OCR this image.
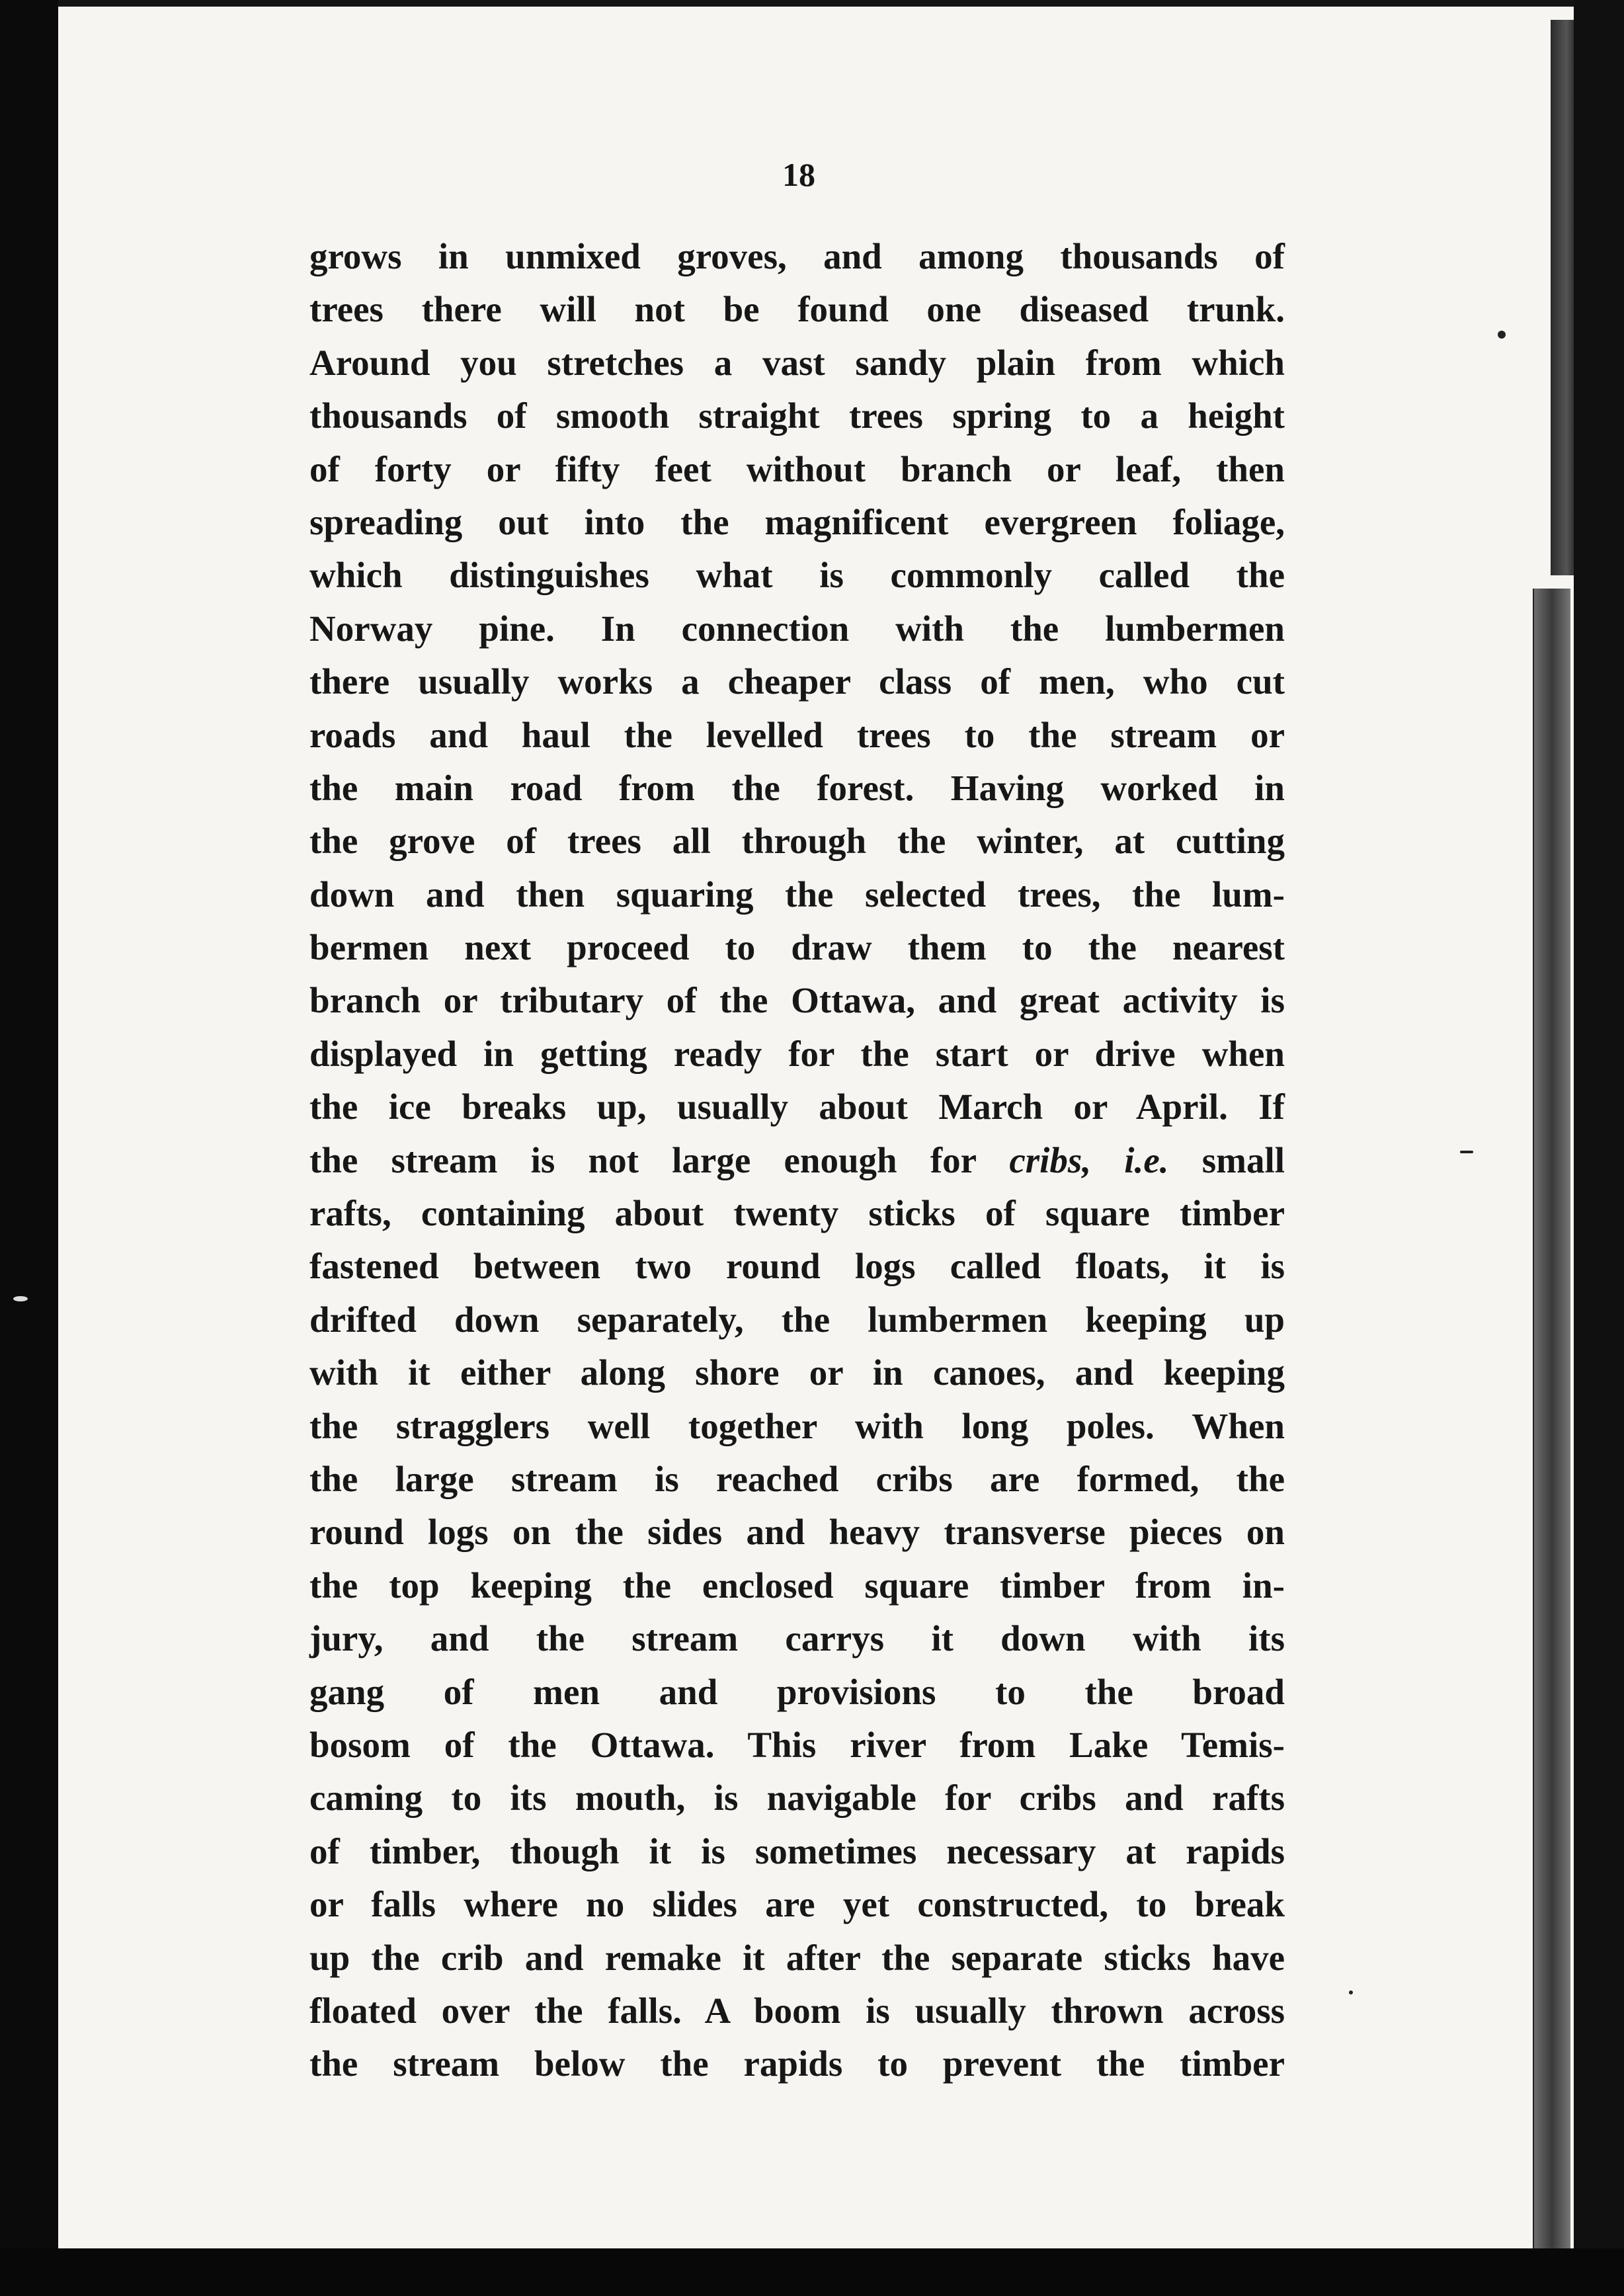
18
grows in unmixed groves, and among thousands of
trees there will not be found one diseased trunk.
Around you stretches a vast sandy plain from which
thousands of smooth straight trees spring to a height
of forty or fifty feet without branch or leaf, then
spreading out into the magnificent evergreen foliage,
which distinguishes what is commonly called the
Norway pine. In connection with the lumbermen
there usually works a cheaper class of men, who cut
roads and haul the levelled trees to the stream or
the main road from the forest. Having worked in
the grove of trees all through the winter, at cutting
down and then squaring the selected trees, the lum-
bermen next proceed to draw them to the nearest
branch or tributary of the Ottawa, and great activity is
displayed in getting ready for the start or drive when
the ice breaks up, usually about March or April. If
the stream is not large enough for cribs, i.e. small
rafts, containing about twenty sticks of square timber
fastened between two round logs called floats, it is
drifted down separately, the lumbermen keeping up
with it either along shore or in canoes, and keeping
the stragglers well together with long poles. When
the large stream is reached cribs are formed, the
round logs on the sides and heavy transverse pieces on
the top keeping the enclosed square timber from in-
jury, and the stream carrys it down with its
gang of men and provisions to the broad
bosom of the Ottawa. This river from Lake Temis-
caming to its mouth, is navigable for cribs and rafts
of timber, though it is sometimes necessary at rapids
or falls where no slides are yet constructed, to break
up the crib and remake it after the separate sticks have
floated over the falls. A boom is usually thrown across
the stream below the rapids to prevent the timber
